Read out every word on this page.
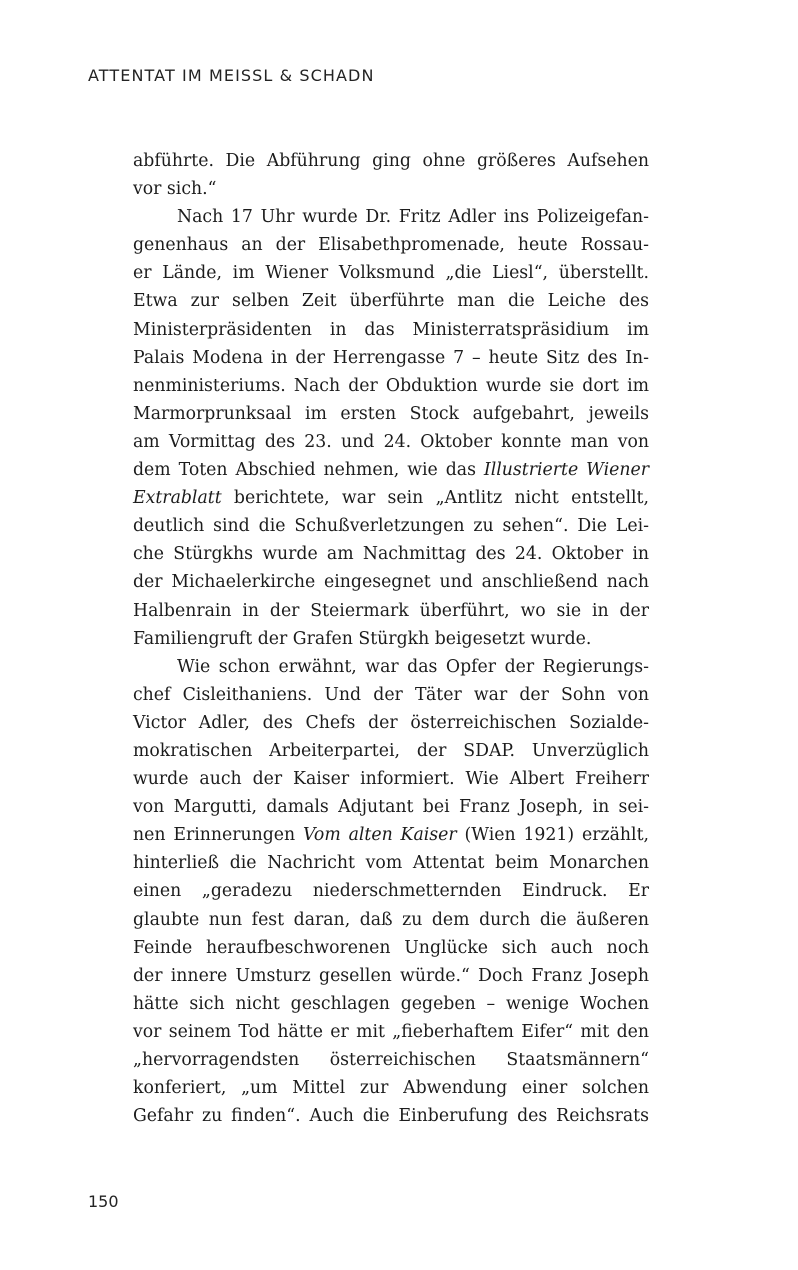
ATTENTAT IM MEISSL & SCHADN
abführte. Die Abführung ging ohne größeres Aufsehen
vor sich.“
Nach 17 Uhr wurde Dr. Fritz Adler ins Polizeigefan-
genenhaus an der Elisabethpromenade, heute Rossau-
er Lände, im Wiener Volksmund „die Liesl“, überstellt.
Etwa zur selben Zeit überführte man die Leiche des
Ministerpräsidenten in das Ministerratspräsidium im
Palais Modena in der Herrengasse 7 – heute Sitz des In-
nenministeriums. Nach der Obduktion wurde sie dort im
Marmorprunksaal im ersten Stock aufgebahrt, jeweils
am Vormittag des 23. und 24. Oktober konnte man von
dem Toten Abschied nehmen, wie das Illustrierte Wiener
Extrablatt berichtete, war sein „Antlitz nicht entstellt,
deutlich sind die Schußverletzungen zu sehen“. Die Lei-
che Stürgkhs wurde am Nachmittag des 24. Oktober in
der Michaelerkirche eingesegnet und anschließend nach
Halbenrain in der Steiermark überführt, wo sie in der
Familiengruft der Grafen Stürgkh beigesetzt wurde.
Wie schon erwähnt, war das Opfer der Regierungs-
chef Cisleithaniens. Und der Täter war der Sohn von
Victor Adler, des Chefs der österreichischen Sozialde-
mokratischen Arbeiterpartei, der SDAP. Unverzüglich
wurde auch der Kaiser informiert. Wie Albert Freiherr
von Margutti, damals Adjutant bei Franz Joseph, in sei-
nen Erinnerungen Vom alten Kaiser (Wien 1921) erzählt,
hinterließ die Nachricht vom Attentat beim Monarchen
einen „geradezu niederschmetternden Eindruck. Er
glaubte nun fest daran, daß zu dem durch die äußeren
Feinde heraufbeschworenen Unglücke sich auch noch
der innere Umsturz gesellen würde.“ Doch Franz Joseph
hätte sich nicht geschlagen gegeben – wenige Wochen
vor seinem Tod hätte er mit „fieberhaftem Eifer“ mit den
„hervorragendsten österreichischen Staatsmännern“
konferiert, „um Mittel zur Abwendung einer solchen
Gefahr zu finden“. Auch die Einberufung des Reichsrats
150
